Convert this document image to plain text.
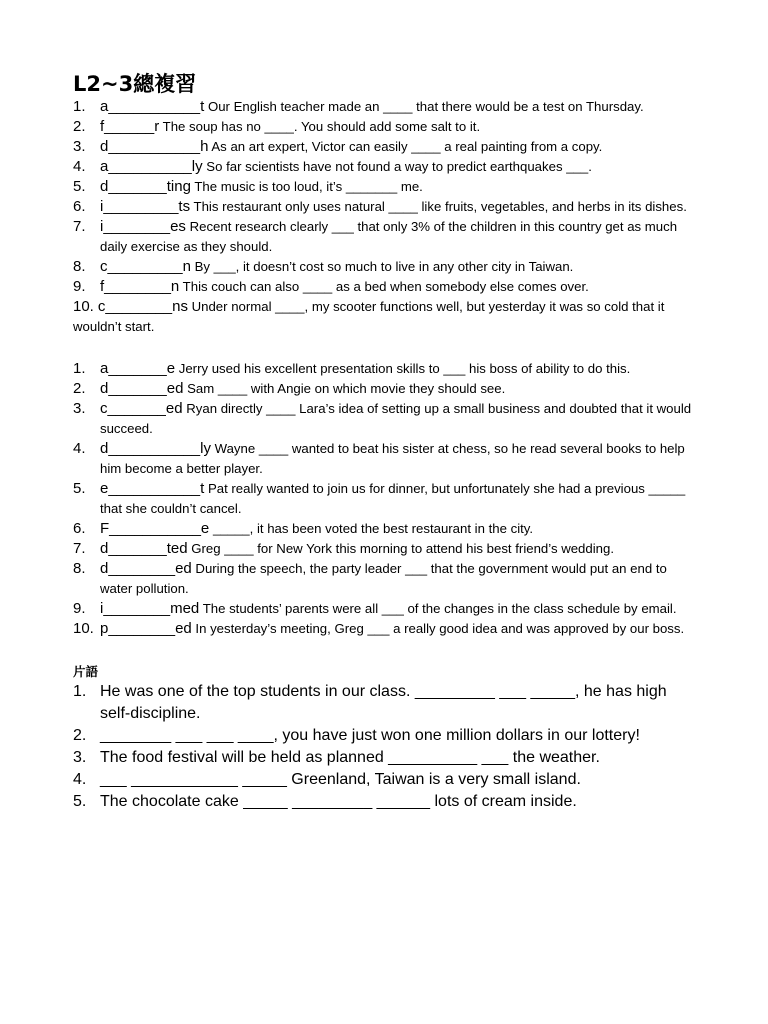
L2~3總複習
1. a___________t Our English teacher made an ____ that there would be a test on Thursday.
2. f______r The soup has no ____. You should add some salt to it.
3. d___________h As an art expert, Victor can easily ____ a real painting from a copy.
4. a__________ly So far scientists have not found a way to predict earthquakes ___.
5. d_______ting The music is too loud, it’s _______ me.
6. i_________ts This restaurant only uses natural ____ like fruits, vegetables, and herbs in its dishes.
7. i________es Recent research clearly ___ that only 3% of the children in this country get as much daily exercise as they should.
8. c_________n By ___, it doesn’t cost so much to live in any other city in Taiwan.
9. f________n This couch can also ____ as a bed when somebody else comes over.
10. c________ns Under normal ____, my scooter functions well, but yesterday it was so cold that it wouldn’t start.
1. a_______e Jerry used his excellent presentation skills to ___ his boss of ability to do this.
2. d_______ed Sam ____ with Angie on which movie they should see.
3. c_______ed Ryan directly ____ Lara’s idea of setting up a small business and doubted that it would succeed.
4. d___________ly Wayne ____ wanted to beat his sister at chess, so he read several books to help him become a better player.
5. e___________t Pat really wanted to join us for dinner, but unfortunately she had a previous _____ that she couldn’t cancel.
6. F___________e _____, it has been voted the best restaurant in the city.
7. d_______ted Greg ____ for New York this morning to attend his best friend’s wedding.
8. d________ed During the speech, the party leader ___ that the government would put an end to water pollution.
9. i________med The students’ parents were all ___ of the changes in the class schedule by email.
10. p________ed In yesterday’s meeting, Greg ___ a really good idea and was approved by our boss.
片語
1. He was one of the top students in our class. _________ ___ _____, he has high self-discipline.
2. ________ ___ ___ ____, you have just won one million dollars in our lottery!
3. The food festival will be held as planned __________ ___ the weather.
4. ___ ____________ _____ Greenland, Taiwan is a very small island.
5. The chocolate cake _____ _________ ______ lots of cream inside.
